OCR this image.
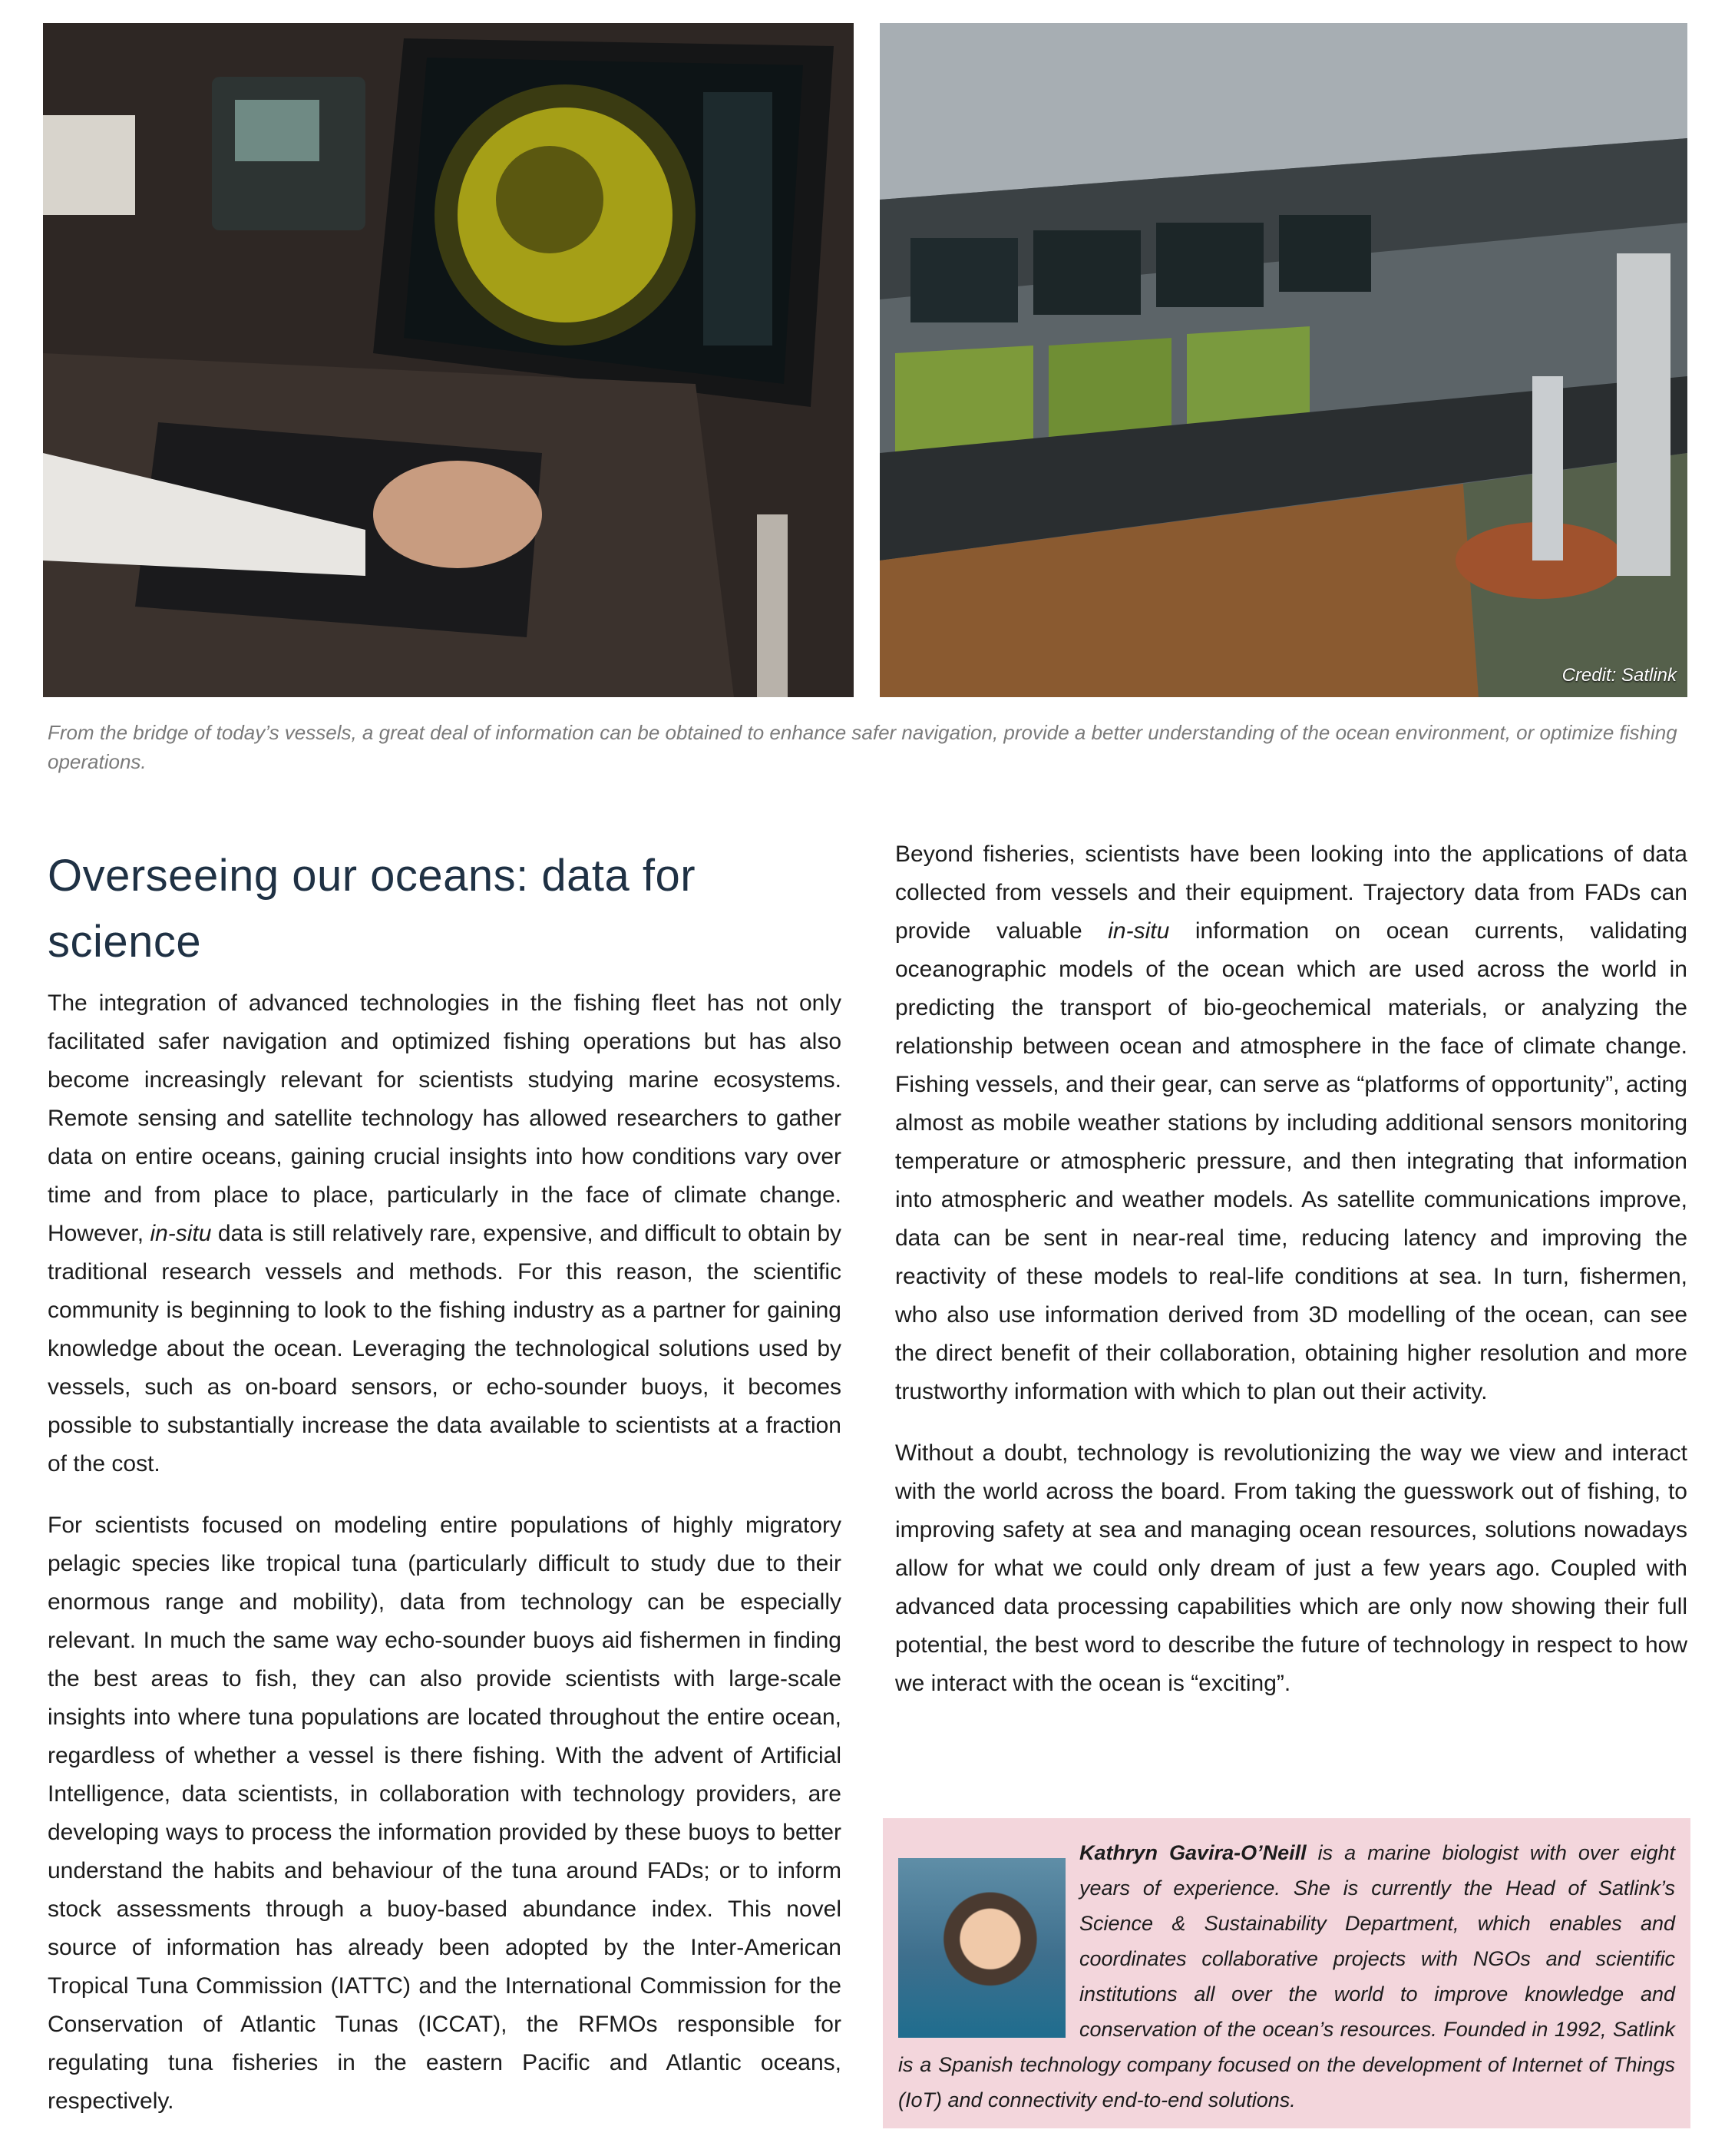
Credit: Satlink
From the bridge of today’s vessels, a great deal of information can be obtained to enhance safer navigation, provide a better understanding of the ocean environment, or optimize fishing operations.
Overseeing our oceans: data for science

The integration of advanced technologies in the fishing fleet has not only facilitated safer navigation and optimized fishing operations but has also become increasingly relevant for scientists studying marine ecosystems. Remote sensing and satellite technology has allowed researchers to gather data on entire oceans, gaining crucial insights into how conditions vary over time and from place to place, particularly in the face of climate change. However, in-situ data is still relatively rare, expensive, and difficult to obtain by traditional research vessels and methods. For this reason, the scientific community is beginning to look to the fishing industry as a partner for gaining knowledge about the ocean. Leveraging the technological solutions used by vessels, such as on-board sensors, or echo-sounder buoys, it becomes possible to substantially increase the data available to scientists at a fraction of the cost.

For scientists focused on modeling entire populations of highly migratory pelagic species like tropical tuna (particularly difficult to study due to their enormous range and mobility), data from technology can be especially relevant. In much the same way echo-sounder buoys aid fishermen in finding the best areas to fish, they can also provide scientists with large-scale insights into where tuna populations are located throughout the entire ocean, regardless of whether a vessel is there fishing. With the advent of Artificial Intelligence, data scientists, in collaboration with technology providers, are developing ways to process the information provided by these buoys to better understand the habits and behaviour of the tuna around FADs; or to inform stock assessments through a buoy-based abundance index. This novel source of information has already been adopted by the Inter-American Tropical Tuna Commission (IATTC) and the International Commission for the Conservation of Atlantic Tunas (ICCAT), the RFMOs responsible for regulating tuna fisheries in the eastern Pacific and Atlantic oceans, respectively.

Beyond fisheries, scientists have been looking into the applications of data collected from vessels and their equipment. Trajectory data from FADs can provide valuable in-situ information on ocean currents, validating oceanographic models of the ocean which are used across the world in predicting the transport of bio-geochemical materials, or analyzing the relationship between ocean and atmosphere in the face of climate change. Fishing vessels, and their gear, can serve as “platforms of opportunity”, acting almost as mobile weather stations by including additional sensors monitoring temperature or atmospheric pressure, and then integrating that information into atmospheric and weather models. As satellite communications improve, data can be sent in near-real time, reducing latency and improving the reactivity of these models to real-life conditions at sea. In turn, fishermen, who also use information derived from 3D modelling of the ocean, can see the direct benefit of their collaboration, obtaining higher resolution and more trustworthy information with which to plan out their activity.

Without a doubt, technology is revolutionizing the way we view and interact with the world across the board. From taking the guesswork out of fishing, to improving safety at sea and managing ocean resources, solutions nowadays allow for what we could only dream of just a few years ago. Coupled with advanced data processing capabilities which are only now showing their full potential, the best word to describe the future of technology in respect to how we interact with the ocean is “exciting”.

Kathryn Gavira-O’Neill is a marine biologist with over eight years of experience. She is currently the Head of Satlink’s Science & Sustainability Department, which enables and coordinates collaborative projects with NGOs and scientific institutions all over the world to improve knowledge and conservation of the ocean’s resources. Founded in 1992, Satlink is a Spanish technology company focused on the development of Internet of Things (IoT) and connectivity end-to-end solutions.
